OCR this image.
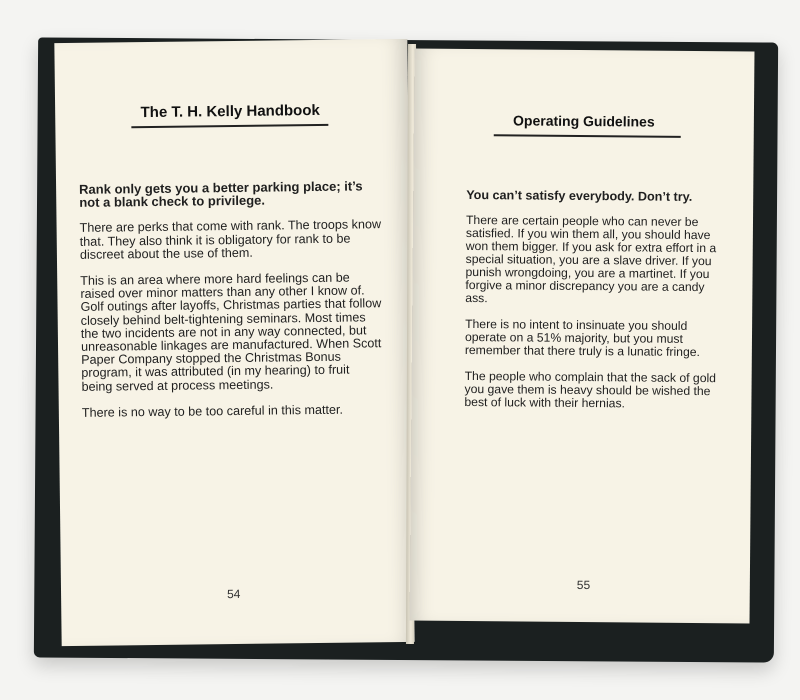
The T. H. Kelly Handbook

Rank only gets you a better parking place; it’s not a blank check to privilege.

There are perks that come with rank. The troops know that. They also think it is obligatory for rank to be discreet about the use of them.

This is an area where more hard feelings can be raised over minor matters than any other I know of. Golf outings after layoffs, Christmas parties that follow closely behind belt-tightening seminars. Most times the two incidents are not in any way connected, but unreasonable linkages are manufactured. When Scott Paper Company stopped the Christmas Bonus program, it was attributed (in my hearing) to fruit being served at process meetings.

There is no way to be too careful in this matter.

54
Operating Guidelines

You can’t satisfy everybody. Don’t try.

There are certain people who can never be satisfied. If you win them all, you should have won them bigger. If you ask for extra effort in a special situation, you are a slave driver. If you punish wrongdoing, you are a martinet. If you forgive a minor discrepancy you are a candy ass.

There is no intent to insinuate you should operate on a 51% majority, but you must remember that there truly is a lunatic fringe.

The people who complain that the sack of gold you gave them is heavy should be wished the best of luck with their hernias.

55
